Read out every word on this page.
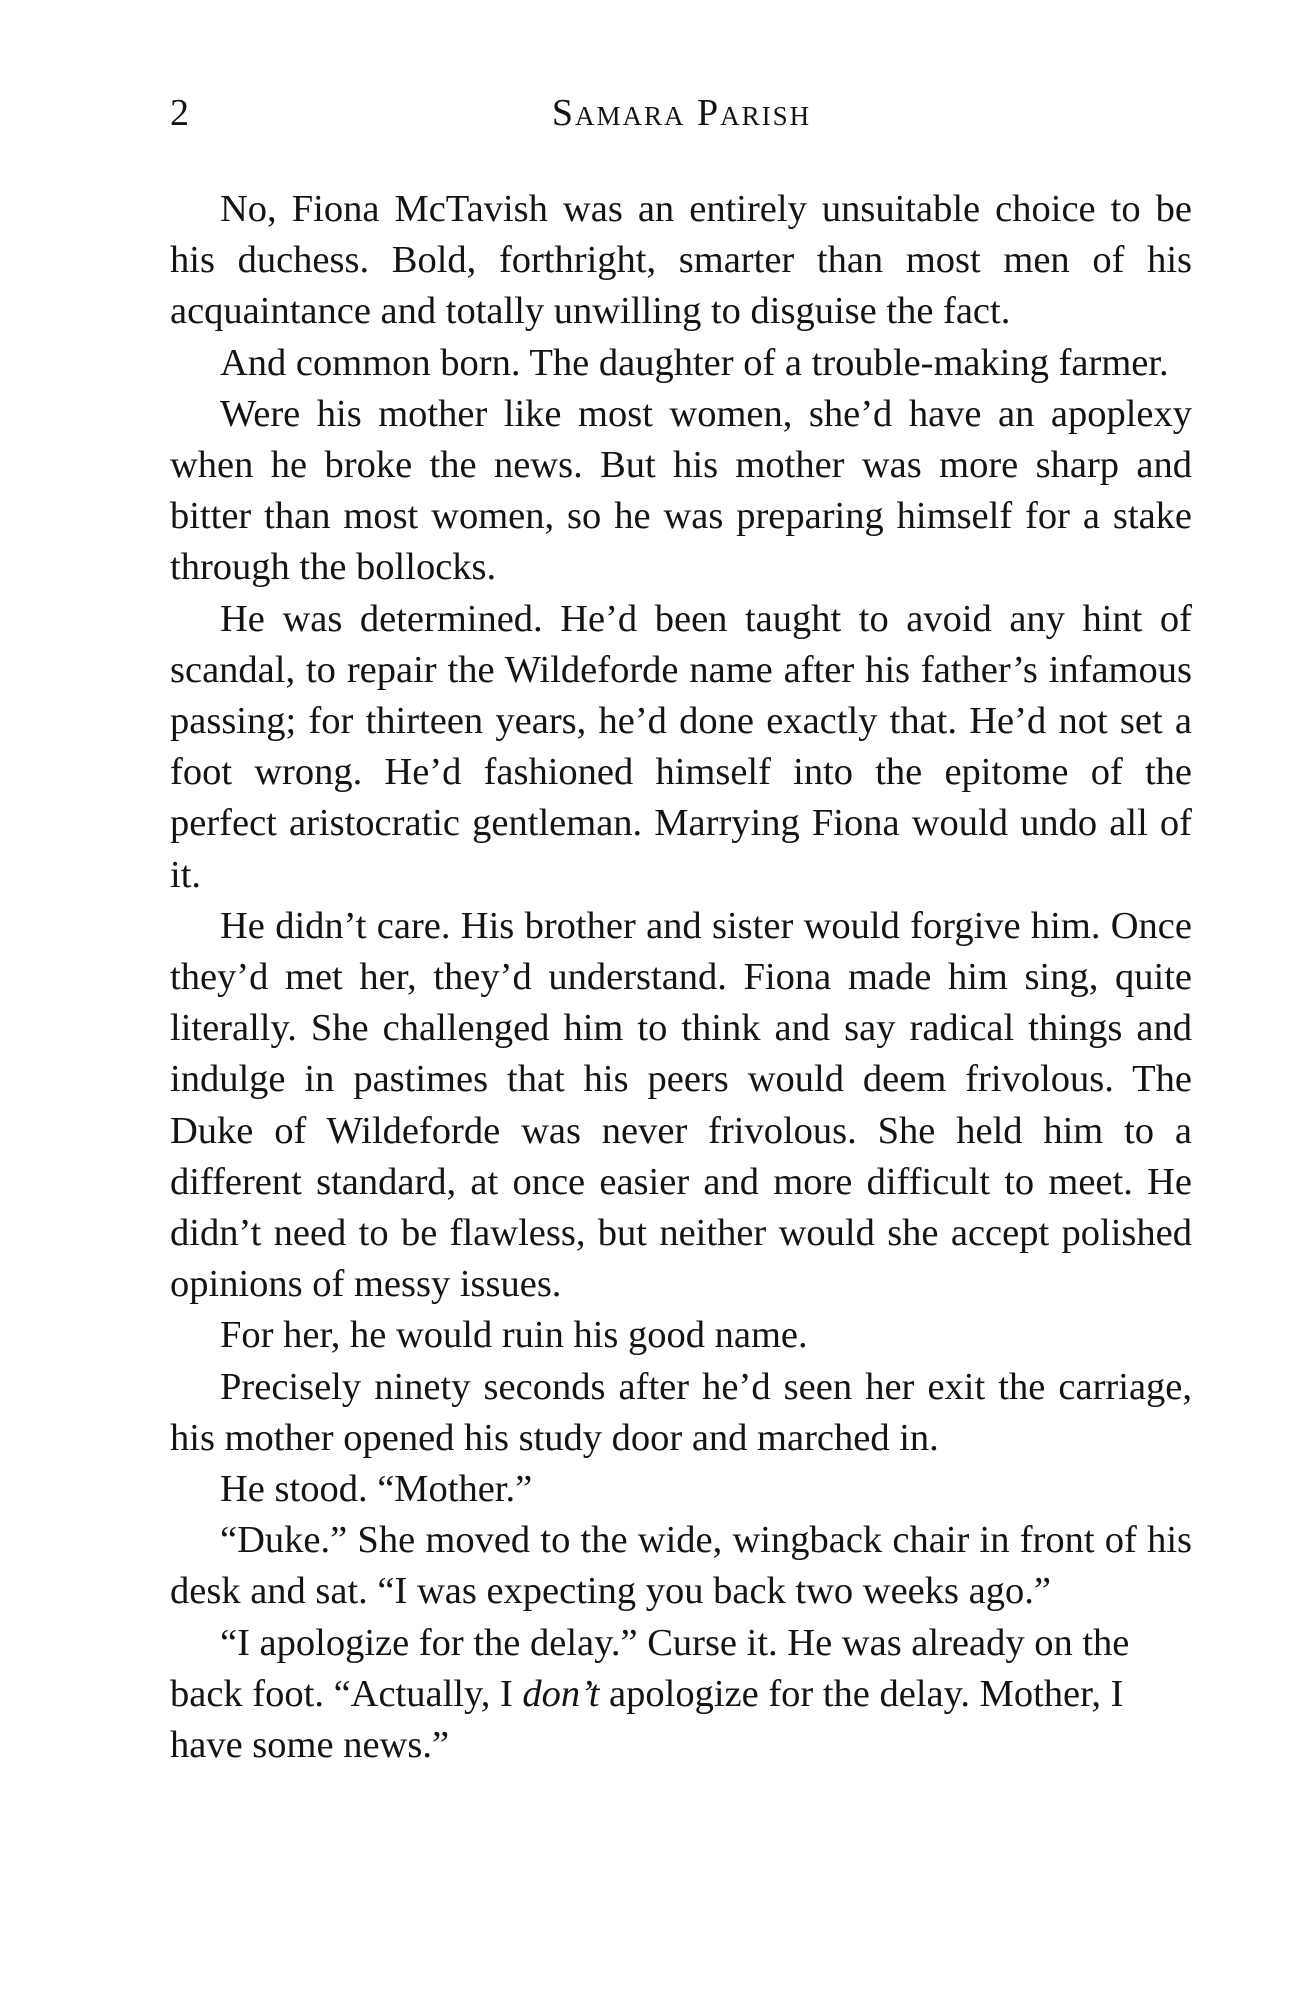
2	Samara Parish

No, Fiona McTavish was an entirely unsuitable choice to be his duchess. Bold, forthright, smarter than most men of his acquaintance and totally unwilling to disguise the fact.

And common born. The daughter of a trouble-making farmer.

Were his mother like most women, she’d have an apoplexy when he broke the news. But his mother was more sharp and bitter than most women, so he was preparing himself for a stake through the bollocks.

He was determined. He’d been taught to avoid any hint of scandal, to repair the Wildeforde name after his father’s infamous passing; for thirteen years, he’d done exactly that. He’d not set a foot wrong. He’d fashioned himself into the epitome of the perfect aristocratic gentleman. Marrying Fiona would undo all of it.

He didn’t care. His brother and sister would forgive him. Once they’d met her, they’d understand. Fiona made him sing, quite literally. She challenged him to think and say radical things and indulge in pastimes that his peers would deem frivolous. The Duke of Wildeforde was never frivolous. She held him to a different standard, at once easier and more difficult to meet. He didn’t need to be flawless, but neither would she accept polished opinions of messy issues.

For her, he would ruin his good name.

Precisely ninety seconds after he’d seen her exit the carriage, his mother opened his study door and marched in.

He stood. “Mother.”

“Duke.” She moved to the wide, wingback chair in front of his desk and sat. “I was expecting you back two weeks ago.”

“I apologize for the delay.” Curse it. He was already on the back foot. “Actually, I don’t apologize for the delay. Mother, I have some news.”
